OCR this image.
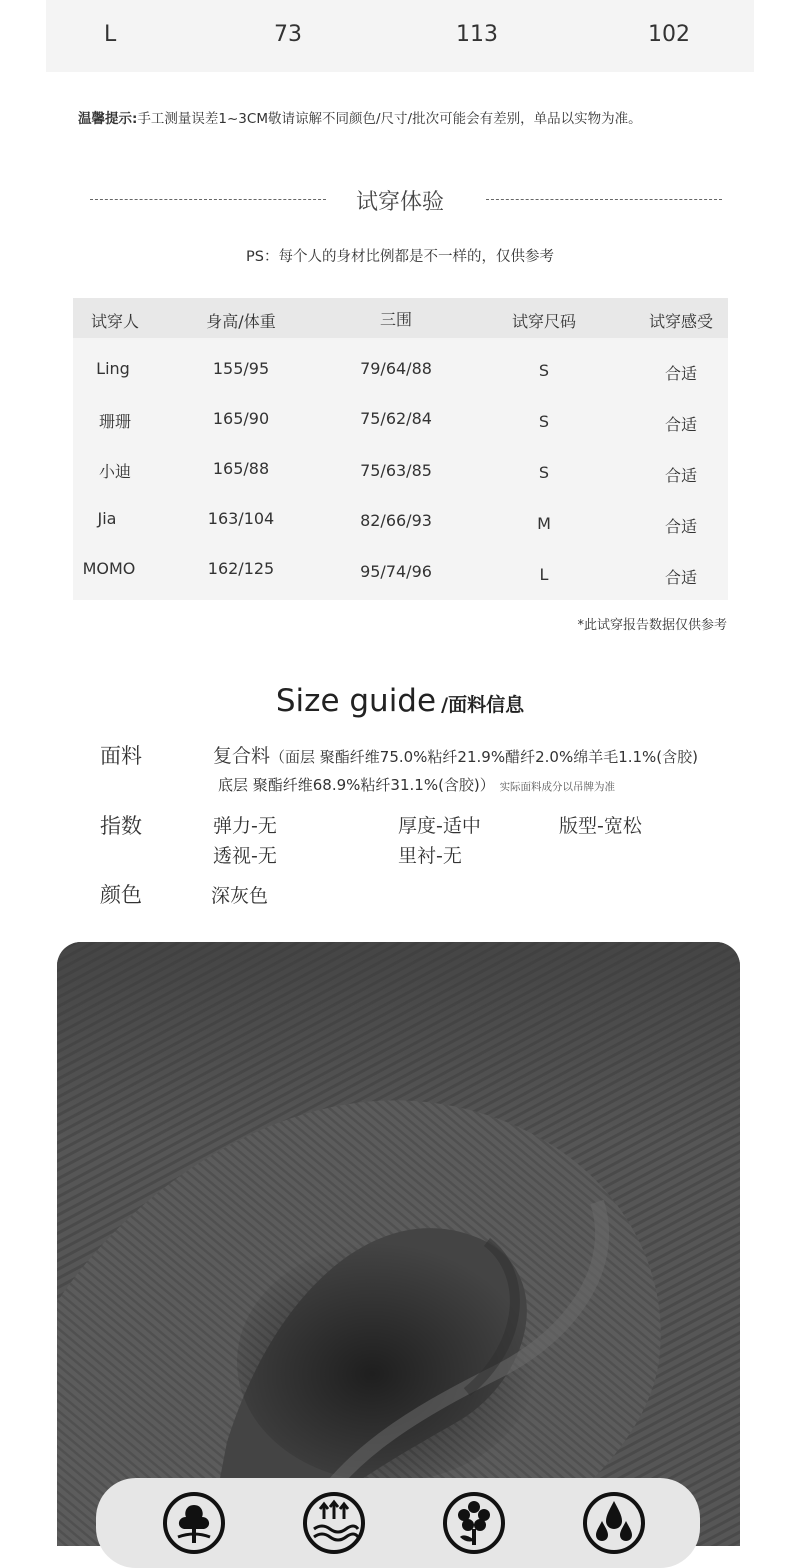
L	73	113	102
温馨提示:手工测量误差1~3CM敬请谅解不同颜色/尺寸/批次可能会有差别，单品以实物为准。
试穿体验
PS：每个人的身材比例都是不一样的，仅供参考
试穿人	身高/体重	三围	试穿尺码	试穿感受
Ling	155/95	79/64/88	S	合适
珊珊	165/90	75/62/84	S	合适
小迪	165/88	75/63/85	S	合适
Jia	163/104	82/66/93	M	合适
MOMO	162/125	95/74/96	L	合适
*此试穿报告数据仅供参考
Size guide /面料信息
面料	复合料（面层 聚酯纤维75.0%粘纤21.9%醋纤2.0%绵羊毛1.1%(含胶)
底层 聚酯纤维68.9%粘纤31.1%(含胶)） 实际面料成分以吊牌为准
指数	弹力-无	厚度-适中	版型-宽松
透视-无	里衬-无
颜色	深灰色
